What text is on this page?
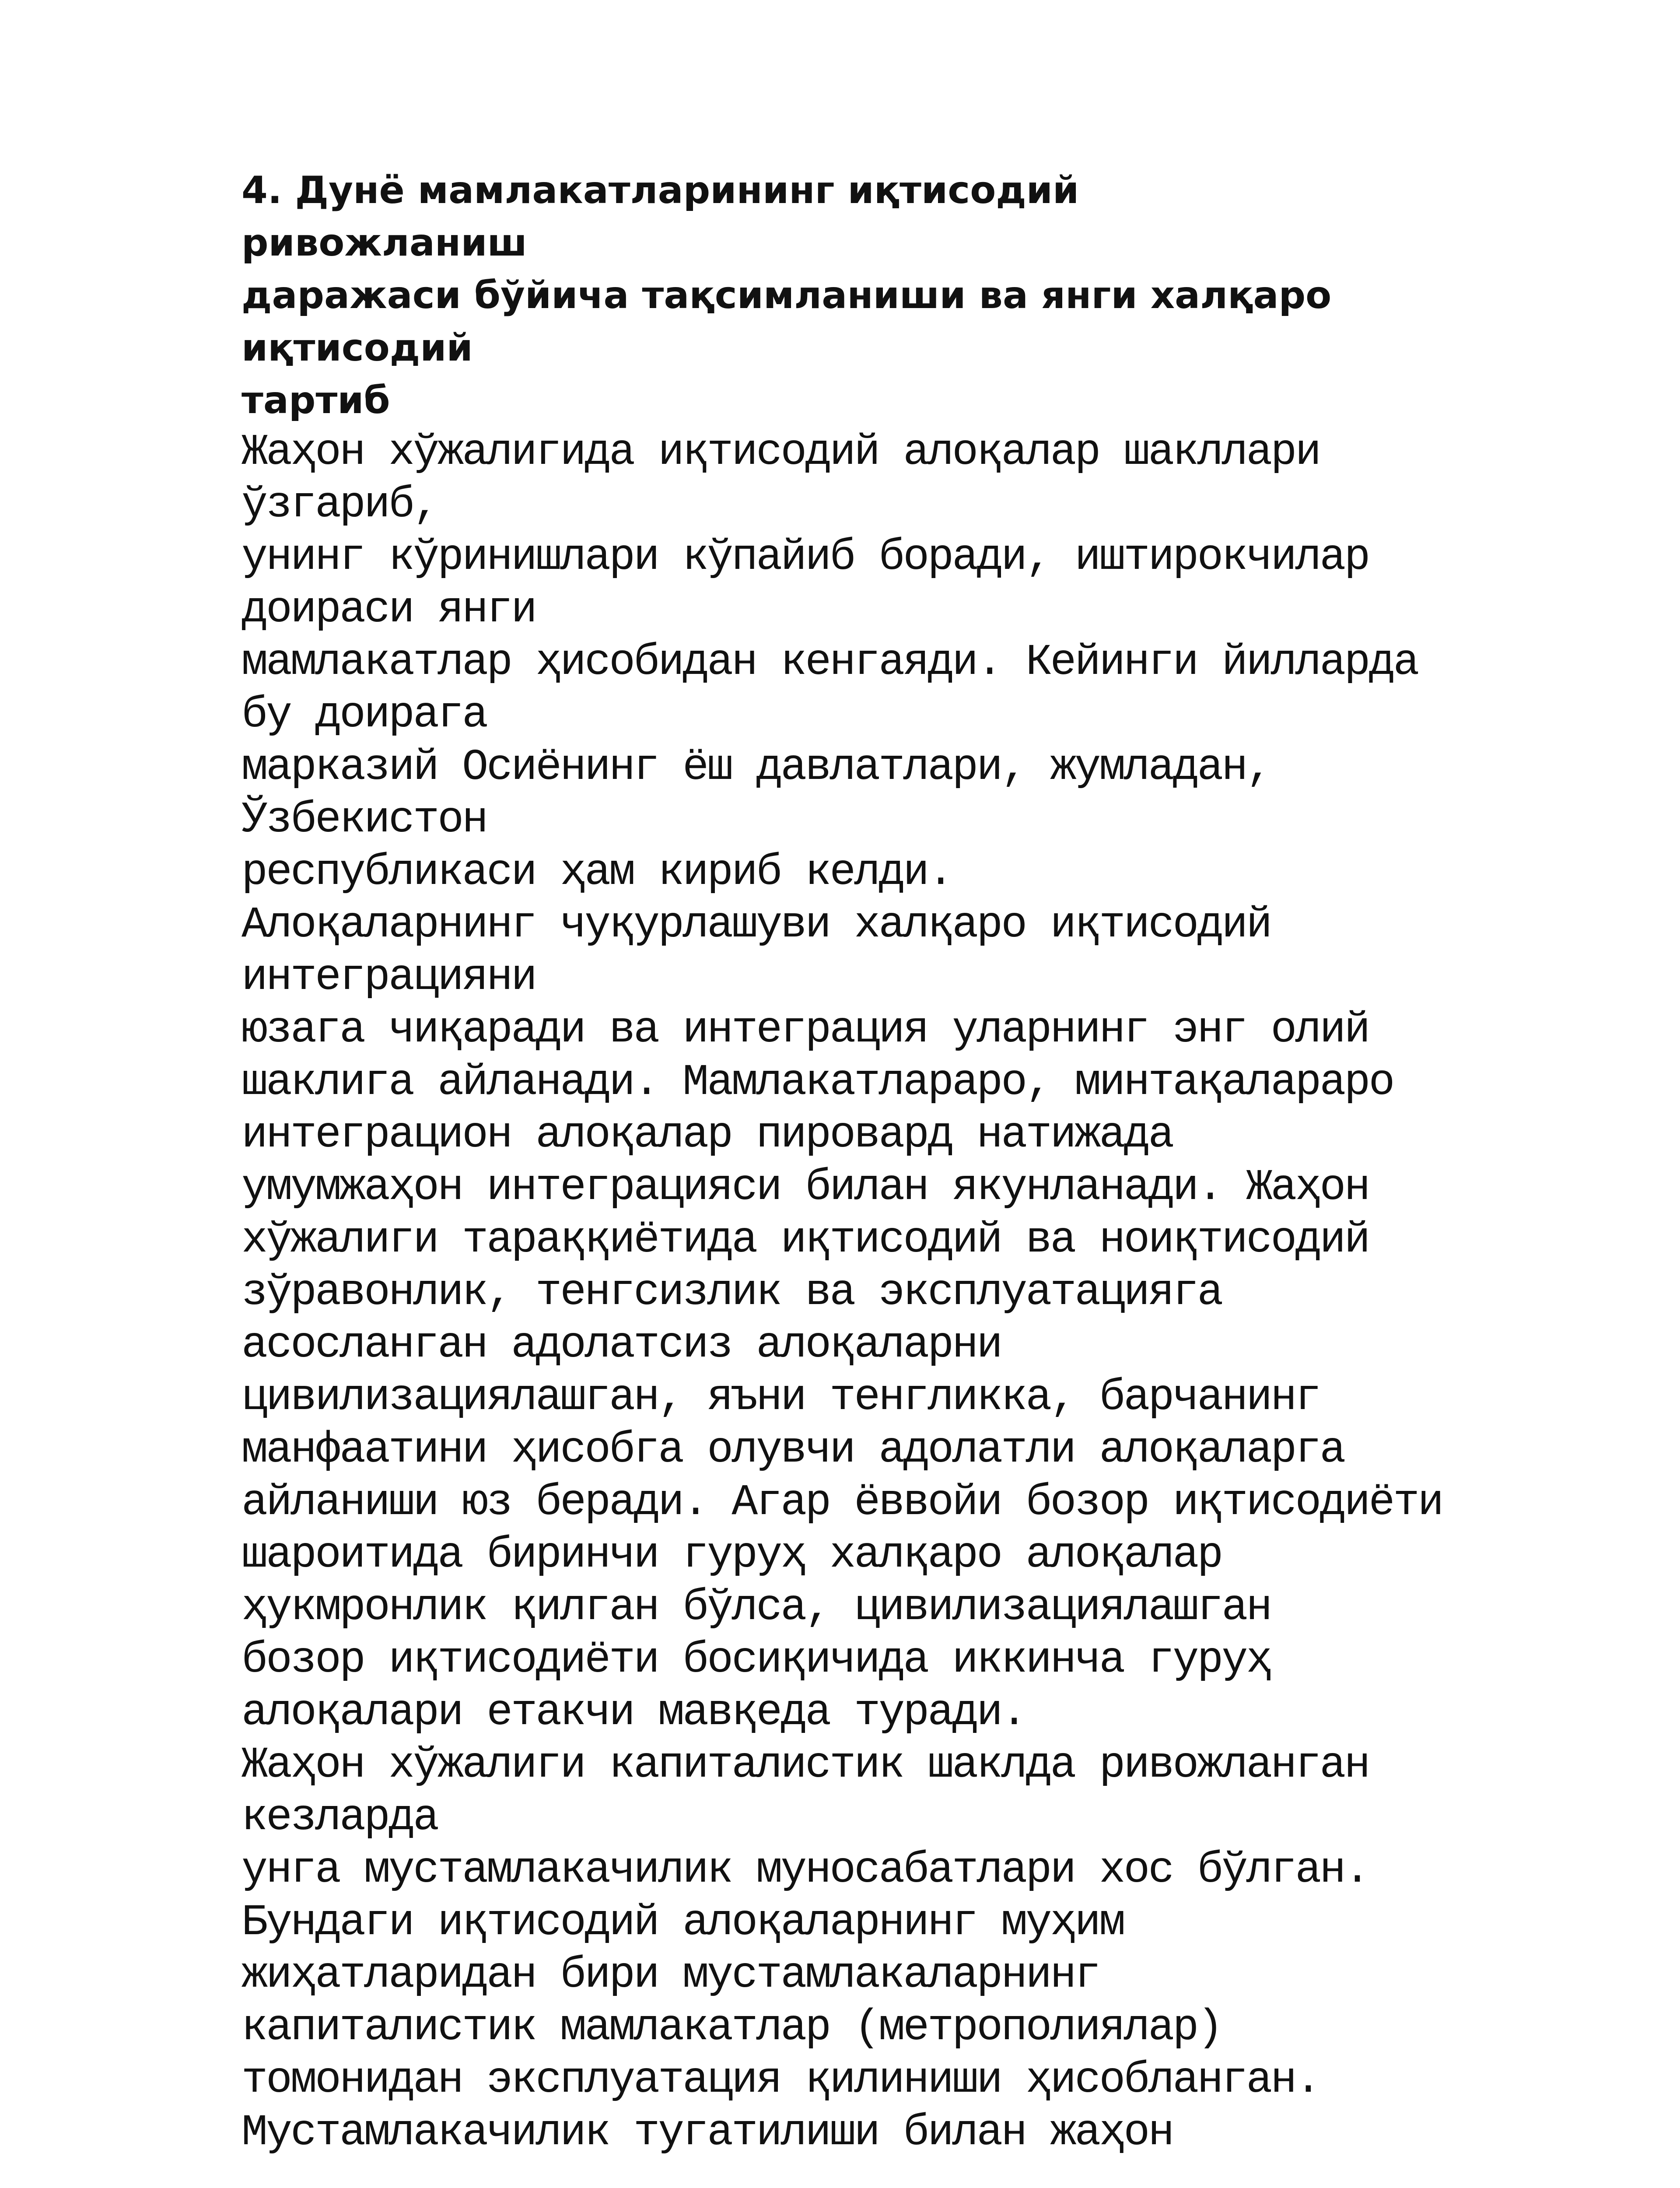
4. Дунё мамлакатларининг иқтисодий
ривожланиш
даражаси бўйича тақсимланиши ва янги халқаро
иқтисодий
тартиб
Жаҳон хўжалигида иқтисодий алоқалар шакллари
ўзгариб,
унинг кўринишлари кўпайиб боради, иштирокчилар
доираси янги
мамлакатлар ҳисобидан кенгаяди. Кейинги йилларда
бу доирага
марказий Осиёнинг ёш давлатлари, жумладан,
Ўзбекистон
республикаси ҳам кириб келди.
Алоқаларнинг чуқурлашуви халқаро иқтисодий
интеграцияни
юзага чиқаради ва интеграция уларнинг энг олий
шаклига айланади. Мамлакатлараро, минтақалараро
интеграцион алоқалар пировард натижада
умумжаҳон интеграцияси билан якунланади. Жаҳон
хўжалиги тараққиётида иқтисодий ва ноиқтисодий
зўравонлик, тенгсизлик ва эксплуатацияга
асосланган адолатсиз алоқаларни
цивилизациялашган, яъни тенгликка, барчанинг
манфаатини ҳисобга олувчи адолатли алоқаларга
айланиши юз беради. Агар ёввойи бозор иқтисодиёти
шароитида биринчи гуруҳ халқаро алоқалар
ҳукмронлик қилган бўлса, цивилизациялашган
бозор иқтисодиёти босиқичида иккинча гуруҳ
алоқалари етакчи мавқеда туради.
Жаҳон хўжалиги капиталистик шаклда ривожланган
кезларда
унга мустамлакачилик муносабатлари хос бўлган.
Бундаги иқтисодий алоқаларнинг муҳим
жиҳатларидан бири мустамлакаларнинг
капиталистик мамлакатлар (метрополиялар)
томонидан эксплуатация қилиниши ҳисобланган.
Мустамлакачилик тугатилиши билан жаҳон
